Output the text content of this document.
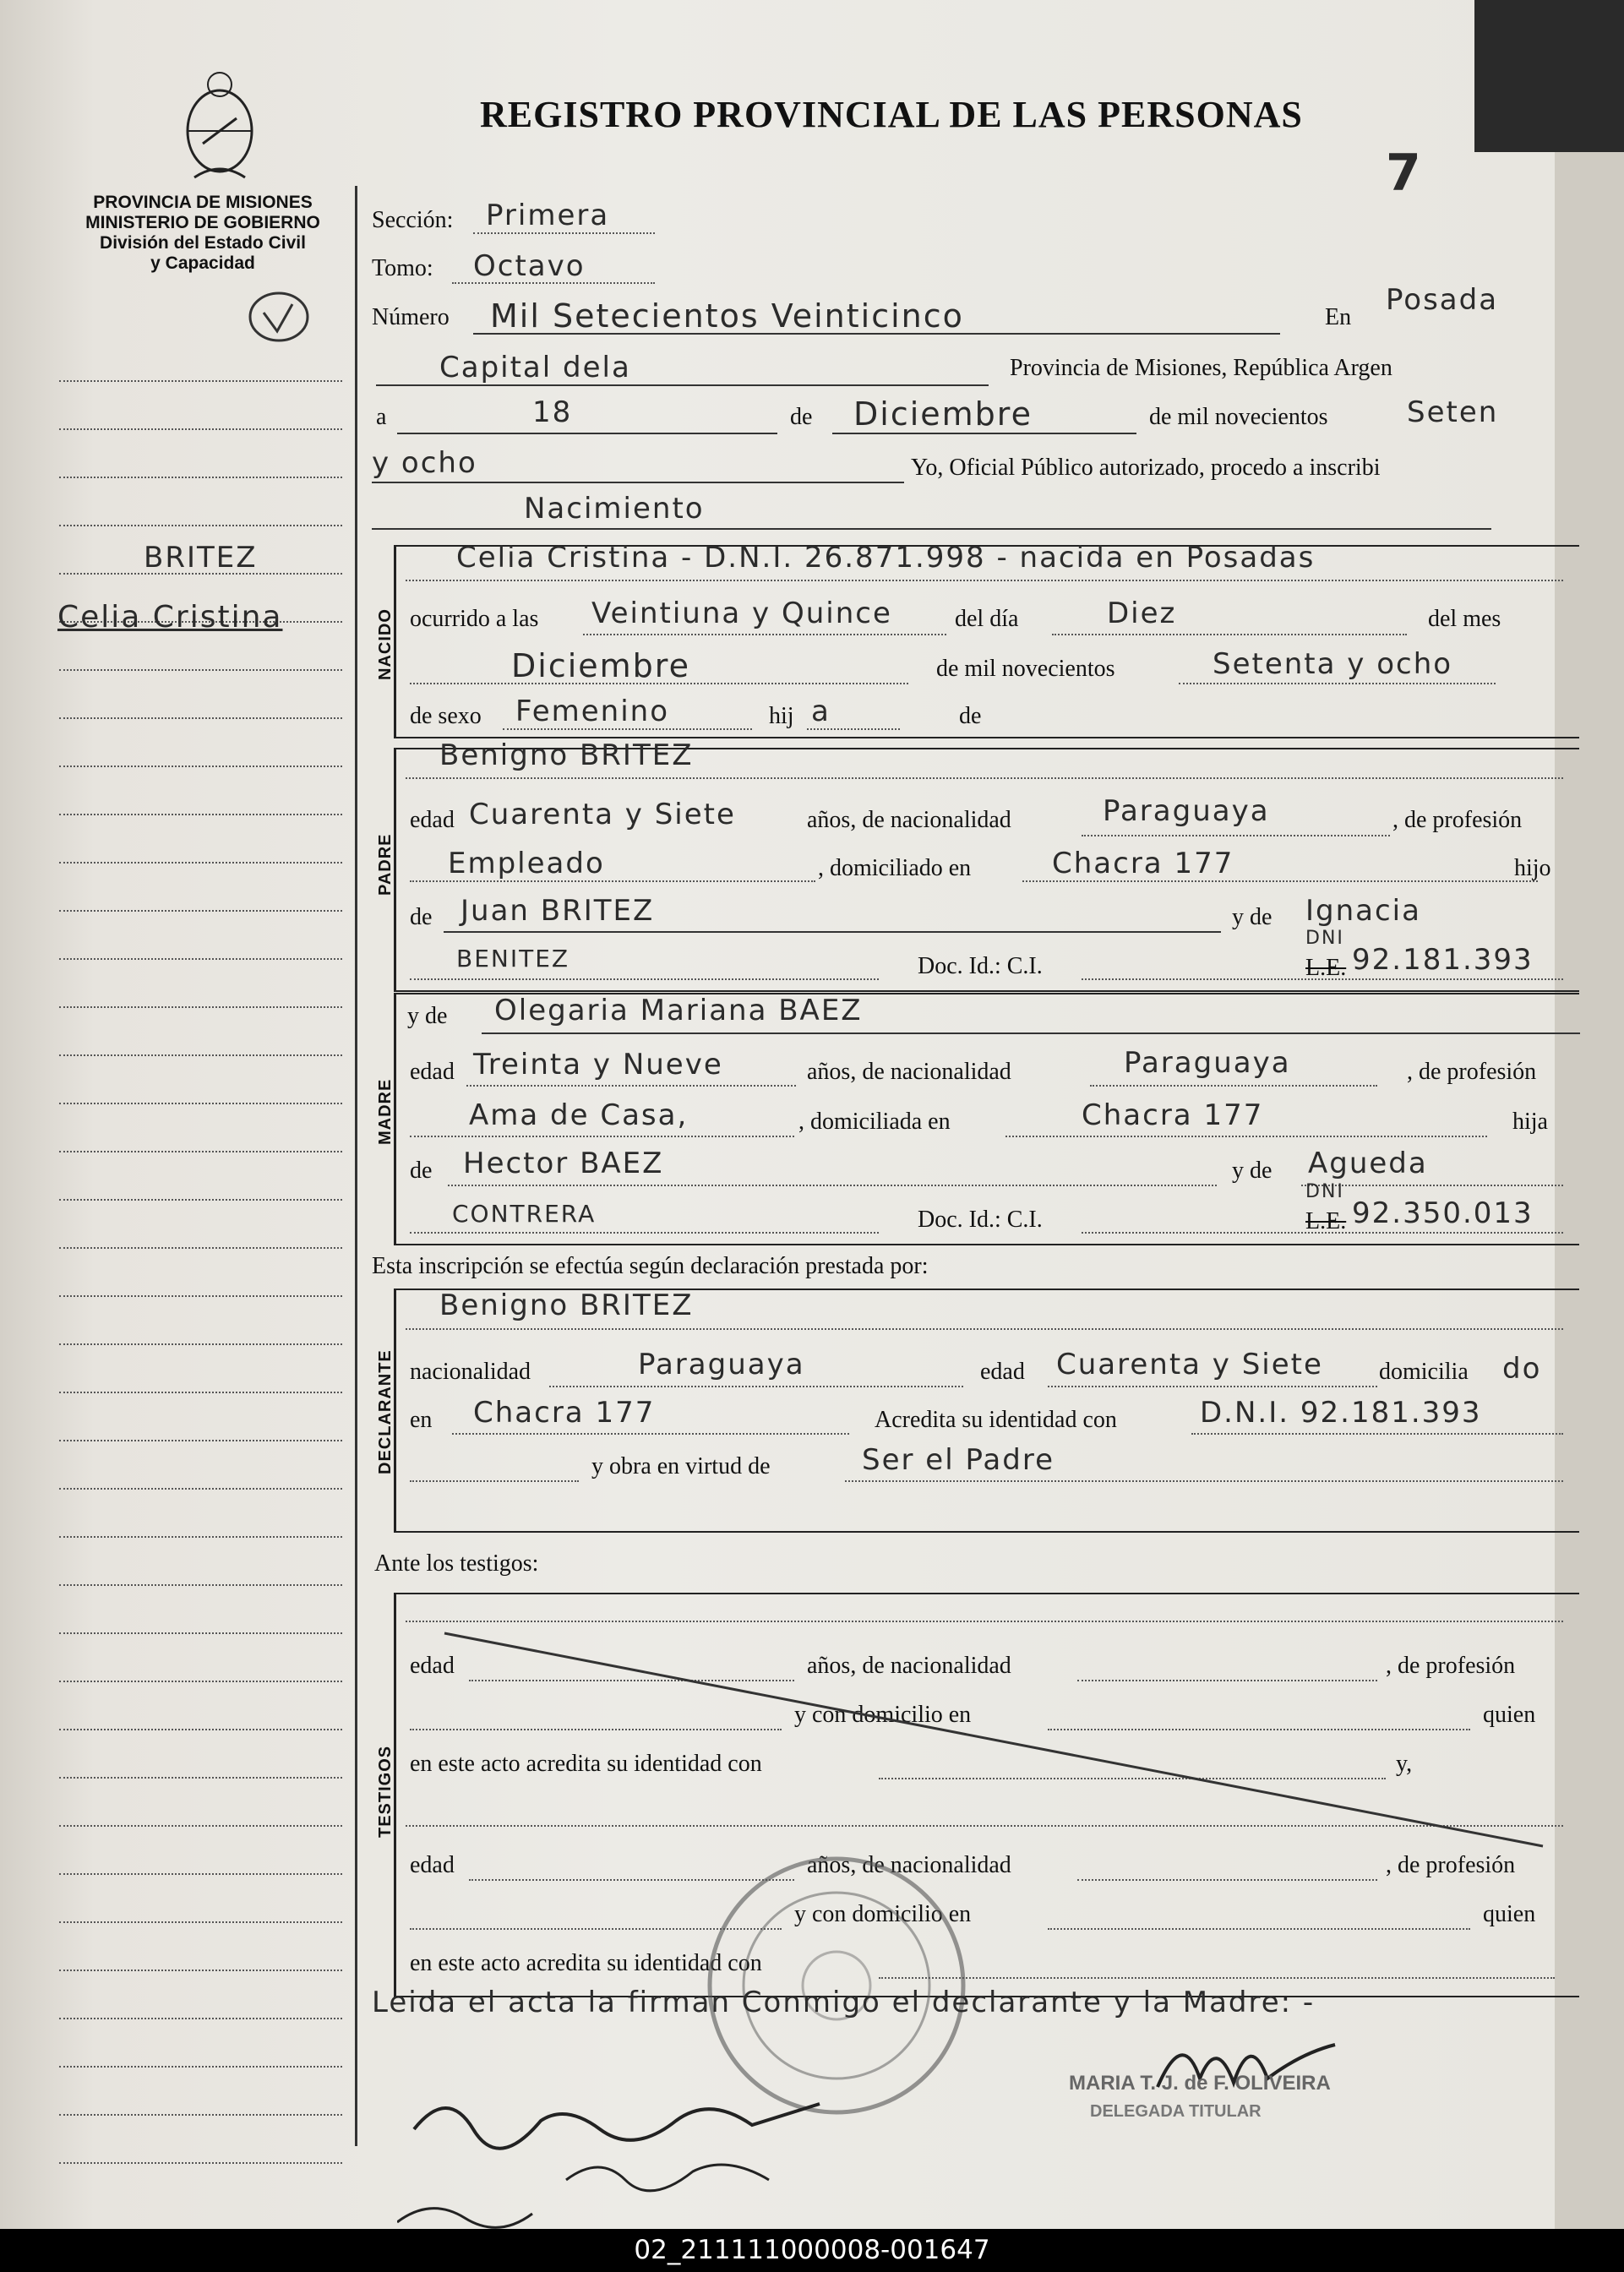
REGISTRO PROVINCIAL DE LAS PERSONAS
7
PROVINCIA DE MISIONES
MINISTERIO DE GOBIERNO
División del Estado Civil
y Capacidad
BRITEZ
Celia Cristina
Sección: Primera
Tomo: Octavo
Número Mil Setecientos Veinticinco	En
Posada
Capital dela	Provincia de Misiones, República Argen
a	18	de Diciembre	de mil novecientos	Seten
y ocho	Yo, Oficial Público autorizado, procedo a inscribi
Nacimiento
NACIDO
Celia Cristina - D.N.I. 26.871.998 - nacida en Posadas
ocurrido a las Veintiuna y Quince	del día	Diez	del mes
Diciembre	de mil novecientos	Setenta y ocho
de sexo Femenino	hij a	de
PADRE
Benigno BRITEZ
edad Cuarenta y Siete	años, de nacionalidad	Paraguaya	, de profesión
Empleado	, domiciliado en	Chacra 177	hijo
de Juan BRITEZ	y de Ignacia
BENITEZ	Doc. Id.: C.I.	L.E.
DNI
92.181.393
MADRE
y de Olegaria Mariana BAEZ
edad Treinta y Nueve	años, de nacionalidad	Paraguaya	, de profesión
Ama de Casa,	, domiciliada en	Chacra 177	hija
de Hector BAEZ	y de Agueda
CONTRERA	Doc. Id.: C.I.	L.E.
DNI
92.350.013
Esta inscripción se efectúa según declaración prestada por:
DECLARANTE
Benigno BRITEZ
nacionalidad	Paraguaya	edad Cuarenta y Siete domicilia do
en Chacra 177	Acredita su identidad con	D.N.I. 92.181.393
y obra en virtud de	Ser el Padre
Ante los testigos:
TESTIGOS
edad	años, de nacionalidad	, de profesión
y con domicilio en	quien
en este acto acredita su identidad con	y,
edad	años, de nacionalidad	, de profesión
y con domicilio en	quien
en este acto acredita su identidad con
Leida el acta la firman Conmigo el declarante y la Madre: -
MARIA T. J. de F. OLIVEIRA
DELEGADA TITULAR
02_211111000008-001647
